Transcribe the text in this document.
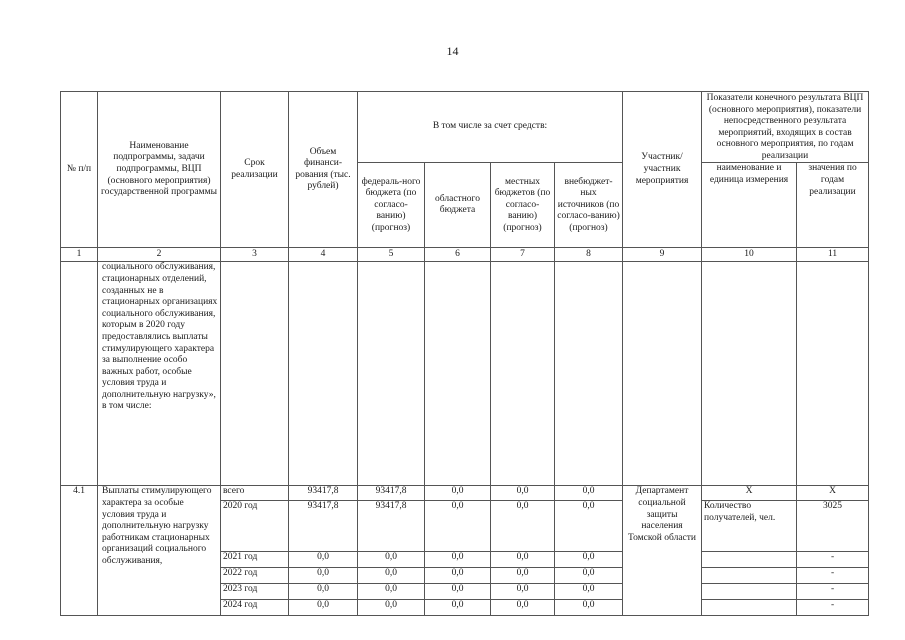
14
№ п/п	Наименование подпрограммы, задачи подпрограммы, ВЦП (основного мероприятия) государственной программы	Срок реализации	Объем финанси-рования (тыс. рублей)	В том числе за счет средств:				Участник/ участник мероприятия	Показатели конечного результата ВЦП (основного мероприятия), показатели непосредственного результата мероприятий, входящих в состав основного мероприятия, по годам реализации	
				федераль-ного бюджета (по согласо-ванию) (прогноз)	областного бюджета	местных бюджетов (по согласо-ванию) (прогноз)	внебюджет-ных источников (по согласо-ванию) (прогноз)		наименование и единица измерения	значения по годам реализации
1	2	3	4	5	6	7	8	9	10	11
	социального обслуживания, стационарных отделений, созданных не в стационарных организациях социального обслуживания, которым в 2020 году предоставлялись выплаты стимулирующего характера за выполнение особо важных работ, особые условия труда и дополнительную нагрузку», в том числе:									
4.1	Выплаты стимулирующего характера за особые условия труда и дополнительную нагрузку работникам стационарных организаций социального обслуживания,	всего	93417,8	93417,8	0,0	0,0	0,0	Департамент социальной защиты населения Томской области	Х	Х
		2020 год	93417,8	93417,8	0,0	0,0	0,0		Количество получателей, чел.	3025
		2021 год	0,0	0,0	0,0	0,0	0,0			-
		2022 год	0,0	0,0	0,0	0,0	0,0			-
		2023 год	0,0	0,0	0,0	0,0	0,0			-
		2024 год	0,0	0,0	0,0	0,0	0,0			-
